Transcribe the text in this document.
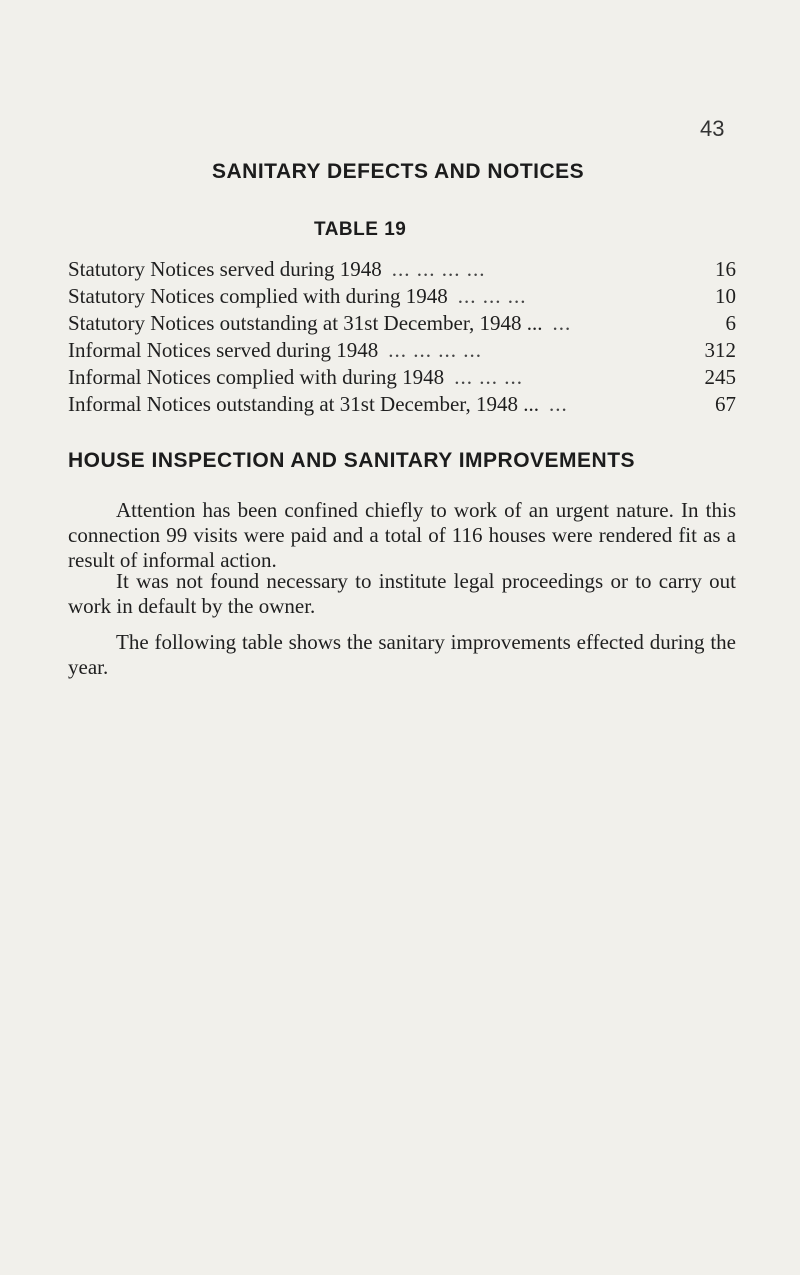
43
SANITARY DEFECTS AND NOTICES
TABLE 19
Statutory Notices served during 1948 ... ... ... ...	16
Statutory Notices complied with during 1948 ... ... ...	10
Statutory Notices outstanding at 31st December, 1948 ... ...	6
Informal Notices served during 1948 ... ... ... ...	312
Informal Notices complied with during 1948 ... ... ...	245
Informal Notices outstanding at 31st December, 1948 ... ...	67
HOUSE INSPECTION AND SANITARY IMPROVEMENTS

Attention has been confined chiefly to work of an urgent nature. In this connection 99 visits were paid and a total of 116 houses were rendered fit as a result of informal action.

It was not found necessary to institute legal proceedings or to carry out work in default by the owner.

The following table shows the sanitary improvements effected during the year.
